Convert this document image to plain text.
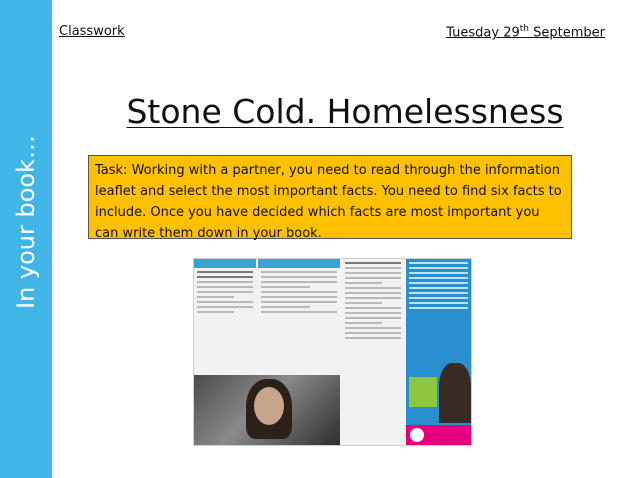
In your book…
Classwork	Tuesday 29th September
Stone Cold. Homelessness
Task: Working with a partner, you need to read through the information leaflet and select the most important facts. You need to find six facts to include. Once you have decided which facts are most important you can write them down in your book.
